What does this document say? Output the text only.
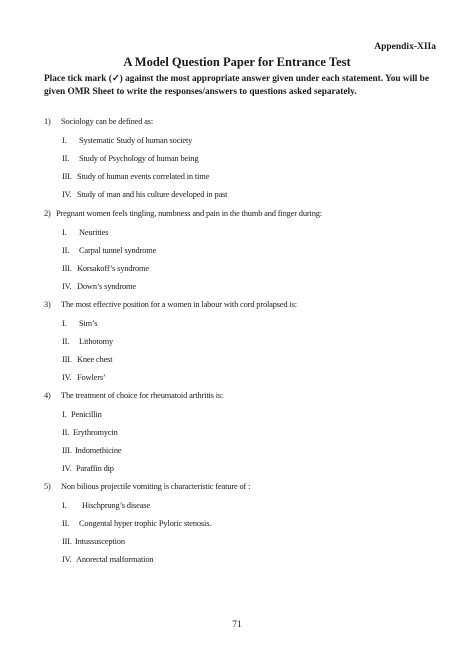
Appendix-XIIa
A Model Question Paper for Entrance Test
Place tick mark (✓) against the most appropriate answer given under each statement. You will be given OMR Sheet to write the responses/answers to questions asked separately.
1) Sociology can be defined as:
I. Systematic Study of human society
II. Study of Psychology of human being
III. Study of human events correlated in time
IV. Study of man and his culture developed in past
2) Pregnant women feels tingling, numbness and pain in the thumb and finger during:
I. Neurities
II. Carpal tunnel syndrome
III. Korsakoff’s syndrome
IV. Down’s syndrome
3) The most effective position for a women in labour with cord prolapsed is:
I. Sim’s
II. Lithotomy
III. Knee chest
IV. Fowlers’
4) The treatment of choice for rheumatoid arthritis is:
I. Penicillin
II. Erythromycin
III. Indomethicine
IV. Paraffin dip
5) Non bilious projectile vomiting is characteristic feature of :
I. Hischprung’s disease
II. Congental hyper trophic Pyloric stenosis.
III. Intussusception
IV. Anorectal malformation
71
